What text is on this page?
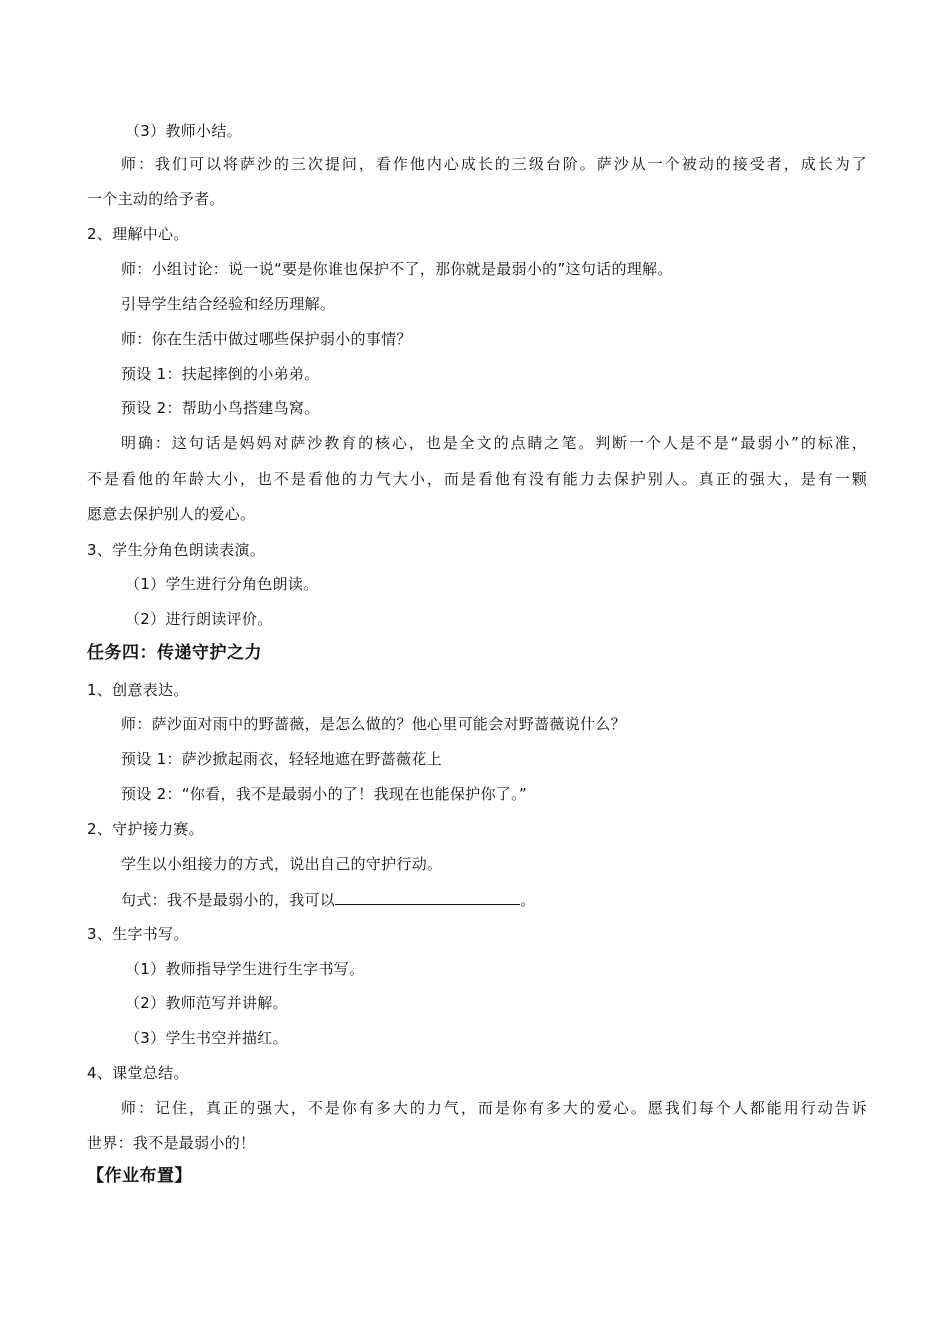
（3）教师小结。
师：我们可以将萨沙的三次提问，看作他内心成长的三级台阶。萨沙从一个被动的接受者，成长为了
一个主动的给予者。
2、理解中心。
师：小组讨论：说一说“要是你谁也保护不了，那你就是最弱小的”这句话的理解。
引导学生结合经验和经历理解。
师：你在生活中做过哪些保护弱小的事情？
预设 1：扶起摔倒的小弟弟。
预设 2：帮助小鸟搭建鸟窝。
明确：这句话是妈妈对萨沙教育的核心，也是全文的点睛之笔。判断一个人是不是“最弱小”的标准，
不是看他的年龄大小，也不是看他的力气大小，而是看他有没有能力去保护别人。真正的强大，是有一颗
愿意去保护别人的爱心。
3、学生分角色朗读表演。
（1）学生进行分角色朗读。
（2）进行朗读评价。
任务四：传递守护之力
1、创意表达。
师：萨沙面对雨中的野蔷薇，是怎么做的？他心里可能会对野蔷薇说什么？
预设 1：萨沙掀起雨衣，轻轻地遮在野蔷薇花上
预设 2：“你看，我不是最弱小的了！我现在也能保护你了。”
2、守护接力赛。
学生以小组接力的方式，说出自己的守护行动。
句式：我不是最弱小的，我可以	。
3、生字书写。
（1）教师指导学生进行生字书写。
（2）教师范写并讲解。
（3）学生书空并描红。
4、课堂总结。
师：记住，真正的强大，不是你有多大的力气，而是你有多大的爱心。愿我们每个人都能用行动告诉
世界：我不是最弱小的！
【作业布置】
